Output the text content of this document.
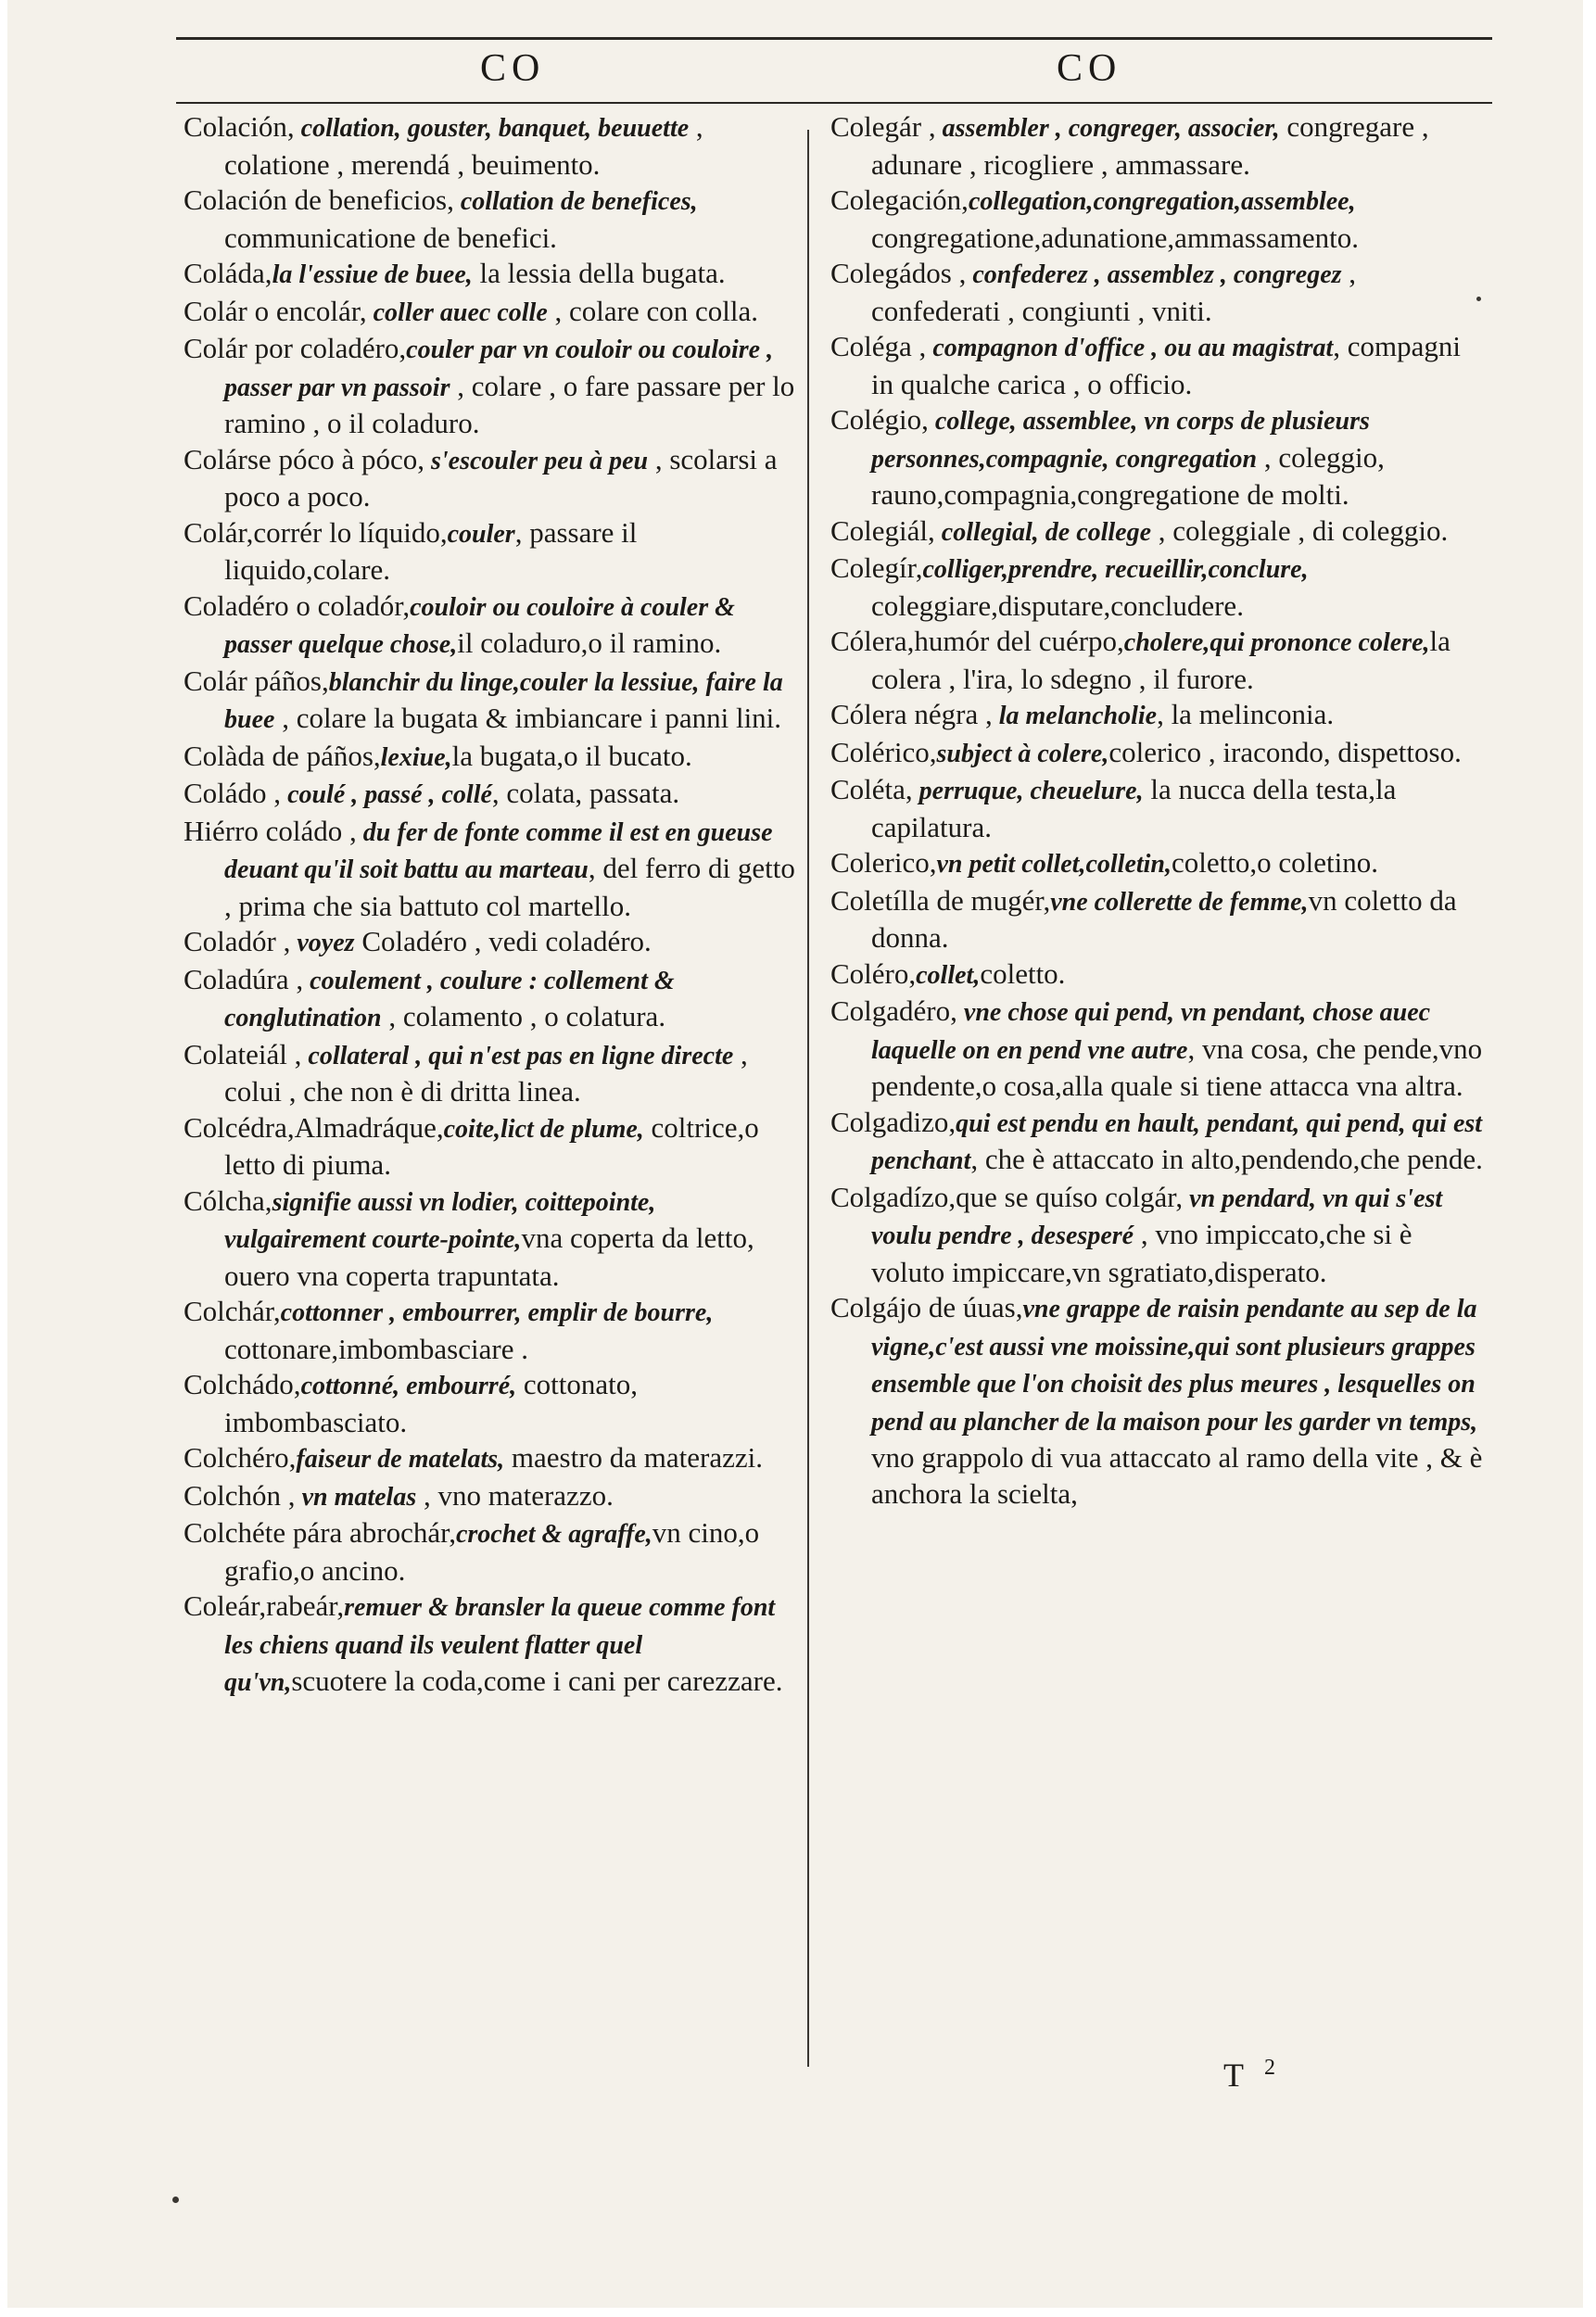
CO	CO
Colación, collation, gouster, banquet, beuuette , colatione , merendá , beuimento.
Colación de beneficios, collation de benefices, communicatione de benefici.
Coláda,la l'essiue de buee, la lessia della bugata.
Colár o encolár, coller auec colle , colare con colla.
Colár por coladéro,couler par vn couloir ou couloire , passer par vn passoir , colare , o fare passare per lo ramino , o il coladuro.
Colárse póco à póco, s'escouler peu à peu , scolarsi a poco a poco.
Colár,corrér lo líquido,couler, passare il liquido,colare.
Coladéro o coladór,couloir ou couloire à couler & passer quelque chose,il coladuro,o il ramino.
Colár páños,blanchir du linge,couler la lessiue, faire la buee , colare la bugata & imbiancare i panni lini.
Colàda de páños,lexiue,la bugata,o il bucato.
Coládo , coulé , passé , collé, colata, passata.
Hiérro coládo , du fer de fonte comme il est en gueuse deuant qu'il soit battu au marteau, del ferro di getto , prima che sia battuto col martello.
Coladór , voyez Coladéro , vedi coladéro.
Coladúra , coulement , coulure : collement & conglutination , colamento , o colatura.
Colateiál , collateral , qui n'est pas en ligne directe , colui , che non è di dritta linea.
Colcédra,Almadráque,coite,lict de plume, coltrice,o letto di piuma.
Cólcha,signifie aussi vn lodier, coittepointe, vulgairement courte-pointe,vna coperta da letto, ouero vna coperta trapuntata.
Colchár,cottonner , embourrer, emplir de bourre, cottonare,imbombasciare .
Colchádo,cottonné, embourré, cottonato, imbombasciato.
Colchéro,faiseur de matelats, maestro da materazzi.
Colchón , vn matelas , vno materazzo.
Colchéte pára abrochár,crochet & agraffe,vn cino,o grafio,o ancino.
Coleár,rabeár,remuer & bransler la queue comme font les chiens quand ils veulent flatter quel qu'vn,scuotere la coda,come i cani per carezzare.
Colegár , assembler , congreger, associer, congregare , adunare , ricogliere , ammassare.
Colegación,collegation,congregation,assemblee, congregatione,adunatione,ammassamento.
Colegádos , confederez , assemblez , congregez , confederati , congiunti , vniti.
Coléga , compagnon d'office , ou au magistrat, compagni in qualche carica , o officio.
Colégio, college, assemblee, vn corps de plusieurs personnes,compagnie, congregation , coleggio, rauno,compagnia,congregatione de molti.
Colegiál, collegial, de college , coleggiale , di coleggio.
Colegír,colliger,prendre, recueillir,conclure, coleggiare,disputare,concludere.
Cólera,humór del cuérpo,cholere,qui prononce colere,la colera , l'ira, lo sdegno , il furore.
Cólera négra , la melancholie, la melinconia.
Colérico,subject à colere,colerico , iracondo, dispettoso.
Coléta, perruque, cheuelure, la nucca della testa,la capilatura.
Colerico,vn petit collet,colletin,coletto,o coletino.
Coletílla de mugér,vne collerette de femme,vn coletto da donna.
Coléro,collet,coletto.
Colgadéro, vne chose qui pend, vn pendant, chose auec laquelle on en pend vne autre, vna cosa, che pende,vno pendente,o cosa,alla quale si tiene attacca vna altra.
Colgadizo,qui est pendu en hault, pendant, qui pend, qui est penchant, che è attaccato in alto,pendendo,che pende.
Colgadízo,que se quíso colgár, vn pendard, vn qui s'est voulu pendre , desesperé , vno impiccato,che si è voluto impiccare,vn sgratiato,disperato.
Colgájo de úuas,vne grappe de raisin pendante au sep de la vigne,c'est aussi vne moissine,qui sont plusieurs grappes ensemble que l'on choisit des plus meures , lesquelles on pend au plancher de la maison pour les garder vn temps, vno grappolo di vua attaccato al ramo della vite , & è anchora la scielta,
T $^2$
